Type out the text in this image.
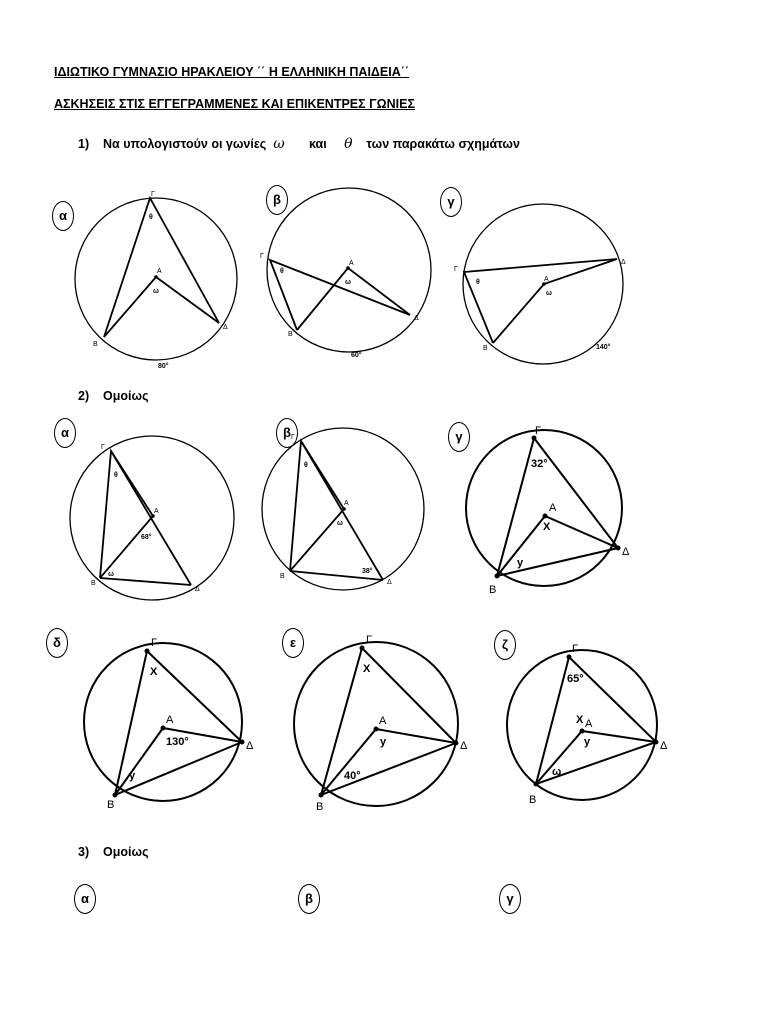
ΙΔΙΩΤΙΚΟ ΓΥΜΝΑΣΙΟ ΗΡΑΚΛΕΙΟΥ ΄΄ Η ΕΛΛΗΝΙΚΗ ΠΑΙΔΕΙΑ΄΄
ΑΣΚΗΣΕΙΣ ΣΤΙΣ ΕΓΓΕΓΡΑΜΜΕΝΕΣ ΚΑΙ ΕΠΙΚΕΝΤΡΕΣ ΓΩΝΙΕΣ
1) Να υπολογιστούν οι γωνίες ω και θ των παρακάτω σχημάτων
α
β	γ
Γ
Α
Β
Δ
θ
ω
80°
Γ
Α
Β
Δ
θ
ω
60°
Γ
Α
Β
Δ
θ
ω
140°
2) Ομοίως
α	β	γ
δ	ε	ζ
Γ
Α
Β
Δ
θ
ω
68°
Γ
Α
Β
Δ
θ
ω
38°
Γ
Α
Β
Δ
32°
Χ
y
Γ
Α
Β
Δ
Χ
130°
y
Γ
Α
Β
Δ
Χ
y
40°
Γ
Α
Β
Δ
65°
Χ
y
ω
3) Ομοίως
α	β	γ
